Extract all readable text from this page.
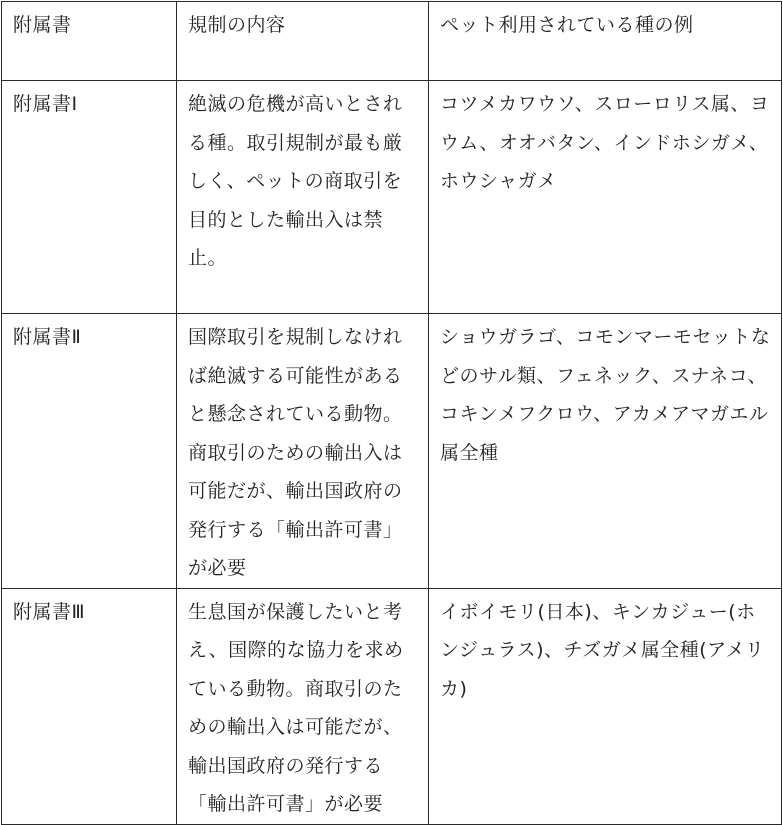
附属書	規制の内容	ペット利用されている種の例
附属書Ⅰ	絶滅の危機が高いとされる種。取引規制が最も厳しく、ペットの商取引を目的とした輸出入は禁止。	コツメカワウソ、スローロリス属、ヨウム、オオバタン、インドホシガメ、ホウシャガメ
附属書Ⅱ	国際取引を規制しなければ絶滅する可能性があると懸念されている動物。商取引のための輸出入は可能だが、輸出国政府の発行する「輸出許可書」が必要	ショウガラゴ、コモンマーモセットなどのサル類、フェネック、スナネコ、コキンメフクロウ、アカメアマガエル属全種
附属書Ⅲ	生息国が保護したいと考え、国際的な協力を求めている動物。商取引のための輸出入は可能だが、輸出国政府の発行する「輸出許可書」が必要	イボイモリ(日本)、キンカジュー(ホンジュラス)、チズガメ属全種(アメリカ)
